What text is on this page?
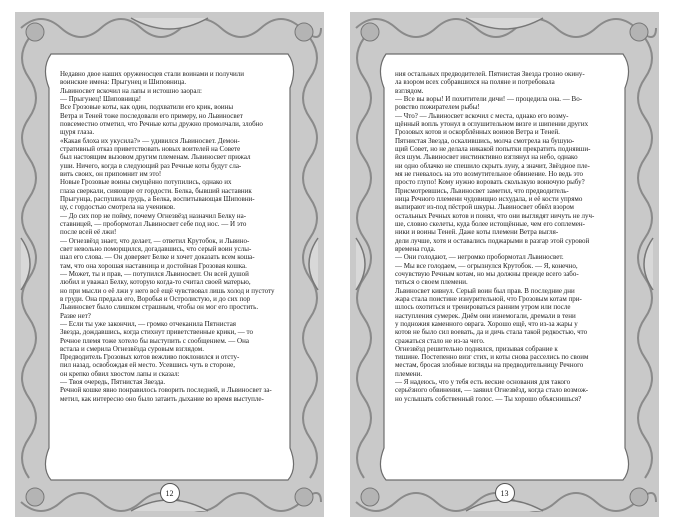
Недавно двое наших оруженосцев стали воинами и получили

воинские имена: Прыгунец и Шиповница.

Львиносвет вскочил на лапы и истошно заорал:

— Прыгунец! Шиповница!

Все Грозовые коты, как один, подхватили его крик, воины

Ветра и Теней тоже последовали его примеру, но Львиносвет

повсеместно отметил, что Речные коты дружно промолчали, злобно

щуря глаза.

«Какая блоха их укусила?» — удивился Львиносвет. Демон-

стративный отказ приветствовать новых воителей на Совете

был настоящим вызовом другим племенам. Львиносвет прижал

уши. Ничего, когда в следующий раз Речные коты будут сла-

вить своих, он припомнит им это!

Новые Грозовые воины смущённо потупились, однако их

глаза сверкали, сияющие от гордости. Белка, бывший наставник

Прыгунца, распушила грудь, а Белка, воспитывающая Шиповни-

цу, с гордостью смотрела на учеников.

— До сих пор не пойму, почему Огнезвёзд назначил Белку на-

ставницей, — пробормотал Львиносвет себе под нос. — И это

после всей её лжи!

— Огнезвёзд знает, что делает, — ответил Крутобок, и Львино-

свет невольно поморщился, догадавшись, что серый воин услы-

шал его слова. — Он доверяет Белке и хочет доказать всем коша-

там, что она хорошая наставница и достойная Грозовая кошка.

— Может, ты и прав, — потупился Львиносвет. Он всей душой

любил и уважал Белку, которую когда-то считал своей матерью,

но при мысли о её лжи у него всё ещё чувствовал лишь холод и пустоту

в груди. Она предала его, Воробья и Остролистую, и до сих пор

Львиносвет было слишком страшным, чтобы он мог его простить.

Разве нет?

— Если ты уже закончил, — громко отчеканила Пятнистая

Звезда, дождавшись, когда стихнут приветственные крики, — то

Речное племя тоже хотело бы выступить с сообщением. — Она

встала и смерила Огнезвёзда суровым взглядом.

Предводитель Грозовых котов вежливо поклонился и отсту-

пил назад, освобождая ей место. Усевшись чуть в стороне,

он крепко обвил хвостом лапы и сказал:

— Твоя очередь, Пятнистая Звезда.

Речной кошке явно понравилось говорить последней, и Львиносвет за-

метил, как интересно оно было затаить дыхание во время выступле-

12

ния остальных предводителей. Пятнистая Звезда грозно окину-

ла взором всех собравшихся на поляне и потребовала

взглядом.

— Все вы воры! И похитители дичи! — процедила она. — Во-

ровство пожирателем рыбы!

— Что? — Львиносвет вскочил с места, однако его возму-

щённый вопль утонул в оглушительном визге и шипении других

Грозовых котов и оскорблённых воинов Ветра и Теней.

Пятнистая Звезда, оскалившись, молча смотрела на бушую-

щий Совет, но не делала никакой попытки прекратить поднявши-

йся шум. Львиносвет инстинктивно взглянул на небо, однако

ни одно облачко не спешило скрыть луну, а значит, Звёздное пле-

мя не гневалось на это возмутительное обвинение. Но ведь это

просто глупо! Кому нужно воровать скользкую вонючую рыбу?

Присмотревшись, Львиносвет заметил, что предводитель-

ница Речного племени чудовищно исхудала, и её кости упрямо

выпирают из-под пёстрой шкуры. Львиносвет обвёл взором

остальных Речных котов и понял, что они выглядят ничуть не луч-

ше, словно скелеты, куда более истощённые, чем его соплемен-

ники и воины Теней. Даже коты племени Ветра выгля-

дели лучше, хотя и оставались поджарыми в разгар этой суровой

времена года.

— Они голодают, — негромко пробормотал Львиносвет.

— Мы все голодаем, — огрызнулся Крутобок. — Я, конечно,

сочувствую Речным котам, но мы должны прежде всего забо-

титься о своем племени.

Львиносвет кивнул. Серый воин был прав. В последние дни

жара стала поистине изнурительной, что Грозовым котам при-

шлось охотиться и тренироваться ранним утром или после

наступления сумерек. Днём они изнемогали, дремали в тени

у подножия каменного оврага. Хорошо ещё, что из-за жары у

котов не было сил воевать, да и дичь стала такой редкостью, что

сражаться стало не из-за чего.

Огнезвёзд решительно поднялся, призывая собрание к

тишине. Постепенно визг стих, и коты снова расселись по своим

местам, бросая злобные взгляды на предводительницу Речного

племени.

— Я надеюсь, что у тебя есть веские основания для такого

серьёзного обвинения, — заявил Огнезвёзд, когда стало возмож-

но услышать собственный голос. — Ты хорошо объяснишься?

13
